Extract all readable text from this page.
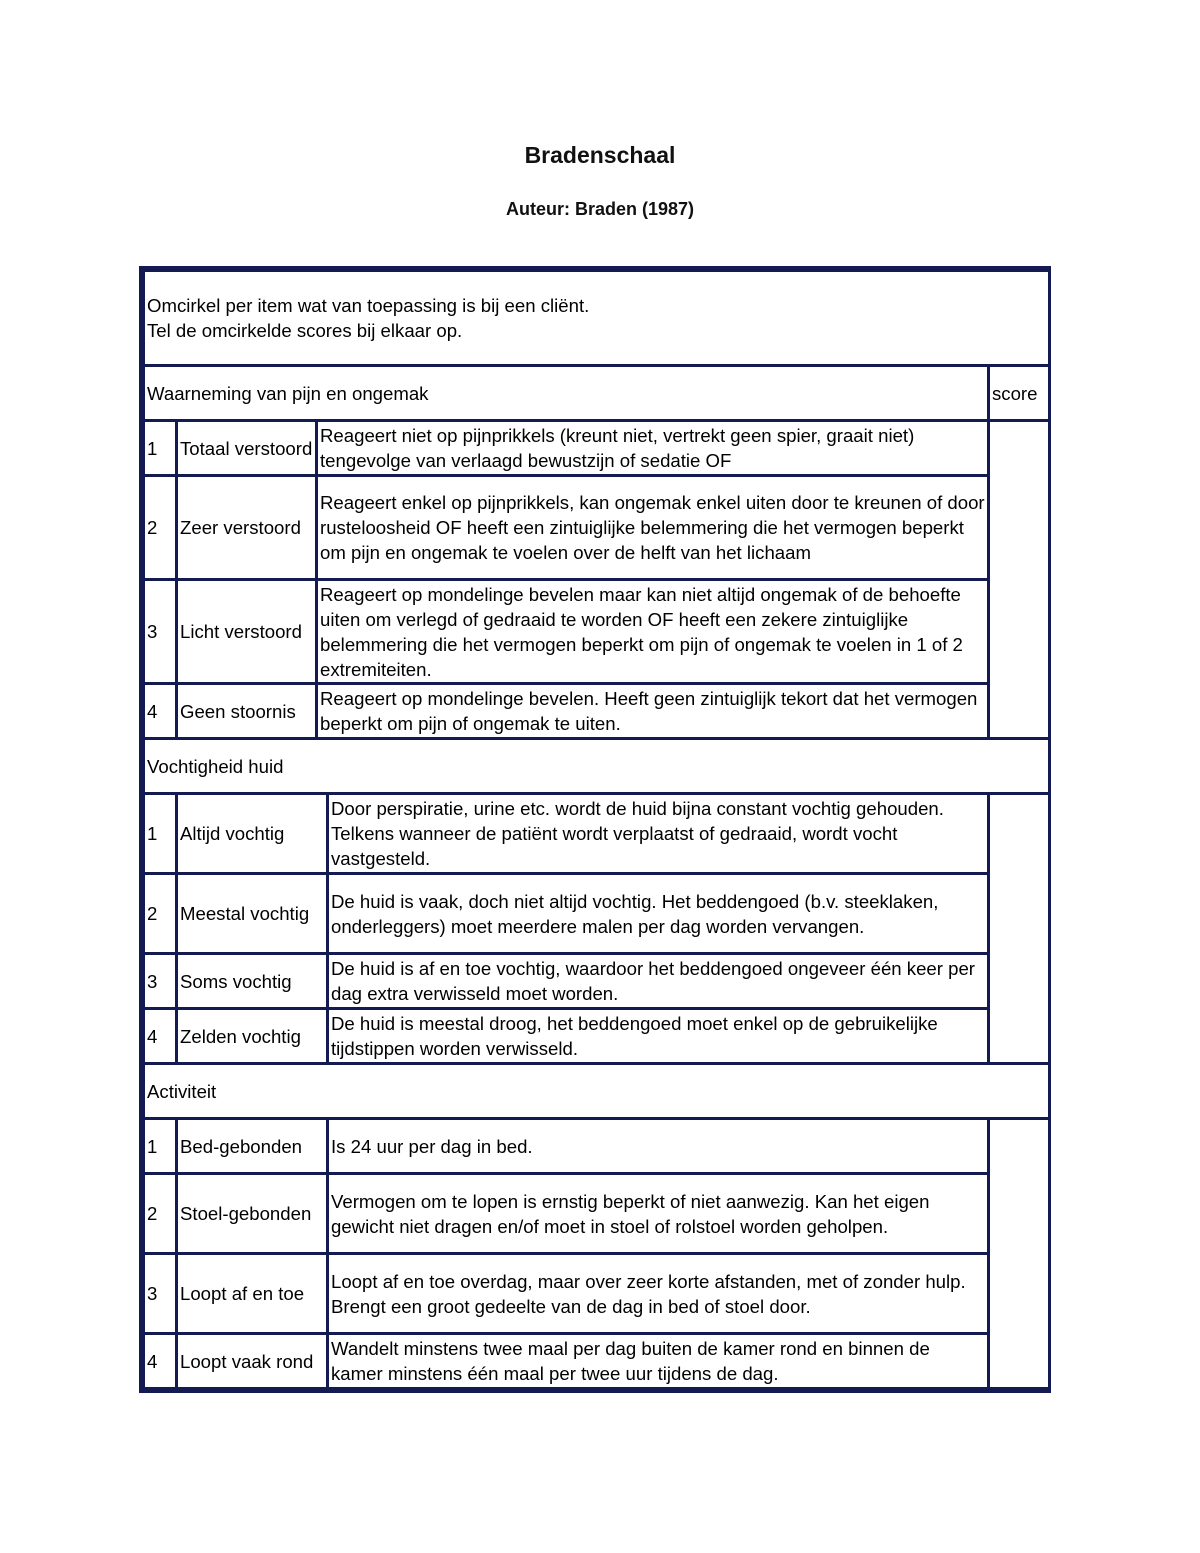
Bradenschaal
Auteur: Braden (1987)
Omcirkel per item wat van toepassing is bij een cliënt.
Tel de omcirkelde scores bij elkaar op.				

Waarneming van pijn en ongemak				score
1	Totaal verstoord	Reageert niet op pijnprikkels (kreunt niet, vertrekt geen spier, graait niet) tengevolge van verlaagd bewustzijn of sedatie OF		
2	Zeer verstoord	Reageert enkel op pijnprikkels, kan ongemak enkel uiten door te kreunen of door rusteloosheid OF heeft een zintuiglijke belemmering die het vermogen beperkt om pijn en ongemak te voelen over de helft van het lichaam		
3	Licht verstoord	Reageert op mondelinge bevelen maar kan niet altijd ongemak of de behoefte uiten om verlegd of gedraaid te worden OF heeft een zekere zintuiglijke belemmering die het vermogen beperkt om pijn of ongemak te voelen in 1 of 2 extremiteiten.		
4	Geen stoornis	Reageert op mondelinge bevelen. Heeft geen zintuiglijk tekort dat het vermogen beperkt om pijn of ongemak te uiten.		
Vochtigheid huid				
1	Altijd vochtig		Door perspiratie, urine etc. wordt de huid bijna constant vochtig gehouden. Telkens wanneer de patiënt wordt verplaatst of gedraaid, wordt vocht vastgesteld.	
2	Meestal vochtig		De huid is vaak, doch niet altijd vochtig. Het beddengoed (b.v. steeklaken, onderleggers) moet meerdere malen per dag worden vervangen.	
3	Soms vochtig		De huid is af en toe vochtig, waardoor het beddengoed ongeveer één keer per dag extra verwisseld moet worden.	
4	Zelden vochtig		De huid is meestal droog, het beddengoed moet enkel op de gebruikelijke tijdstippen worden verwisseld.	
Activiteit				
1	Bed-gebonden		Is 24 uur per dag in bed.	
2	Stoel-gebonden		Vermogen om te lopen is ernstig beperkt of niet aanwezig. Kan het eigen gewicht niet dragen en/of moet in stoel of rolstoel worden geholpen.	
3	Loopt af en toe		Loopt af en toe overdag, maar over zeer korte afstanden, met of zonder hulp. Brengt een groot gedeelte van de dag in bed of stoel door.	
4	Loopt vaak rond		Wandelt minstens twee maal per dag buiten de kamer rond en binnen de kamer minstens één maal per twee uur tijdens de dag.	
